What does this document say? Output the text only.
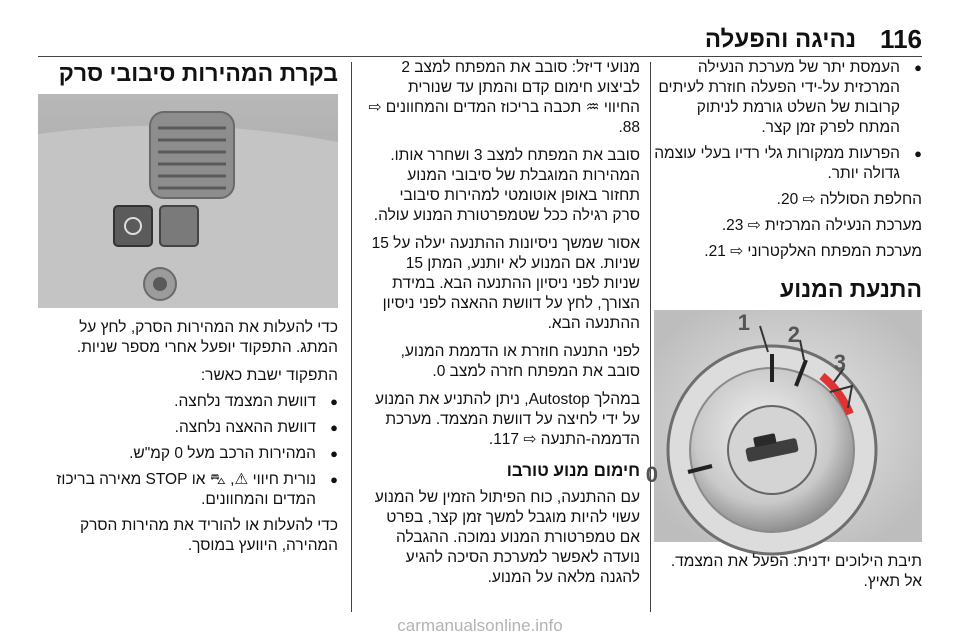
116
נהיגה והפעלה
● העמסת יתר של מערכת הנעילה המרכזית על-ידי הפעלה חוזרת לעיתים קרובות של השלט גורמת לניתוק המתח לפרק זמן קצר.
● הפרעות ממקורות גלי רדיו בעלי עוצמה גדולה יותר.

החלפת הסוללה ⇨ 20.

מערכת הנעילה המרכזית ⇨ 23.

מערכת המפתח האלקטרוני ⇨ 21.

התנעת המנוע
1 2
3
0

תיבת הילוכים ידנית: הפעל את המצמד. אל תאיץ.

מנועי דיזל: סובב את המפתח למצב 2 לביצוע חימום קדם והמתן עד שנורית החיווי ♒ תכבה בריכוז המדים והמחוונים ⇨ 88.

סובב את המפתח למצב 3 ושחרר אותו. המהירות המוגבלת של סיבובי המנוע תחזור באופן אוטומטי למהירות סיבובי סרק רגילה ככל שטמפרטורת המנוע עולה.

אסור שמשך ניסיונות ההתנעה יעלה על 15 שניות. אם המנוע לא יותנע, המתן 15 שניות לפני ניסיון ההתנעה הבא. במידת הצורך, לחץ על דוושת ההאצה לפני ניסיון ההתנעה הבא.

לפני התנעה חוזרת או הדממת המנוע, סובב את המפתח חזרה למצב 0.

במהלך Autostop, ניתן להתניע את המנוע על ידי לחיצה על דוושת המצמד. מערכת הדממה-התנעה ⇨ 117.

חימום מנוע טורבו

עם ההתנעה, כוח הפיתול הזמין של המנוע עשוי להיות מוגבל למשך זמן קצר, בפרט אם טמפרטורת המנוע נמוכה. ההגבלה נועדה לאפשר למערכת הסיכה להגיע להגנה מלאה על המנוע.

בקרת המהירות סיבובי סרק

כדי להעלות את המהירות הסרק, לחץ על המתג. התפקוד יופעל אחרי מספר שניות.

התפקוד ישבת כאשר:

● דוושת המצמד נלחצה.
● דוושת ההאצה נלחצה.
● המהירות הרכב מעל 0 קמ"ש.
● נורית חיווי ⚠, ⛍ או STOP מאירה בריכוז המדים והמחוונים.

כדי להעלות או להוריד את מהירות הסרק המהירה, היוועץ במוסך.

carmanualsonline.info
